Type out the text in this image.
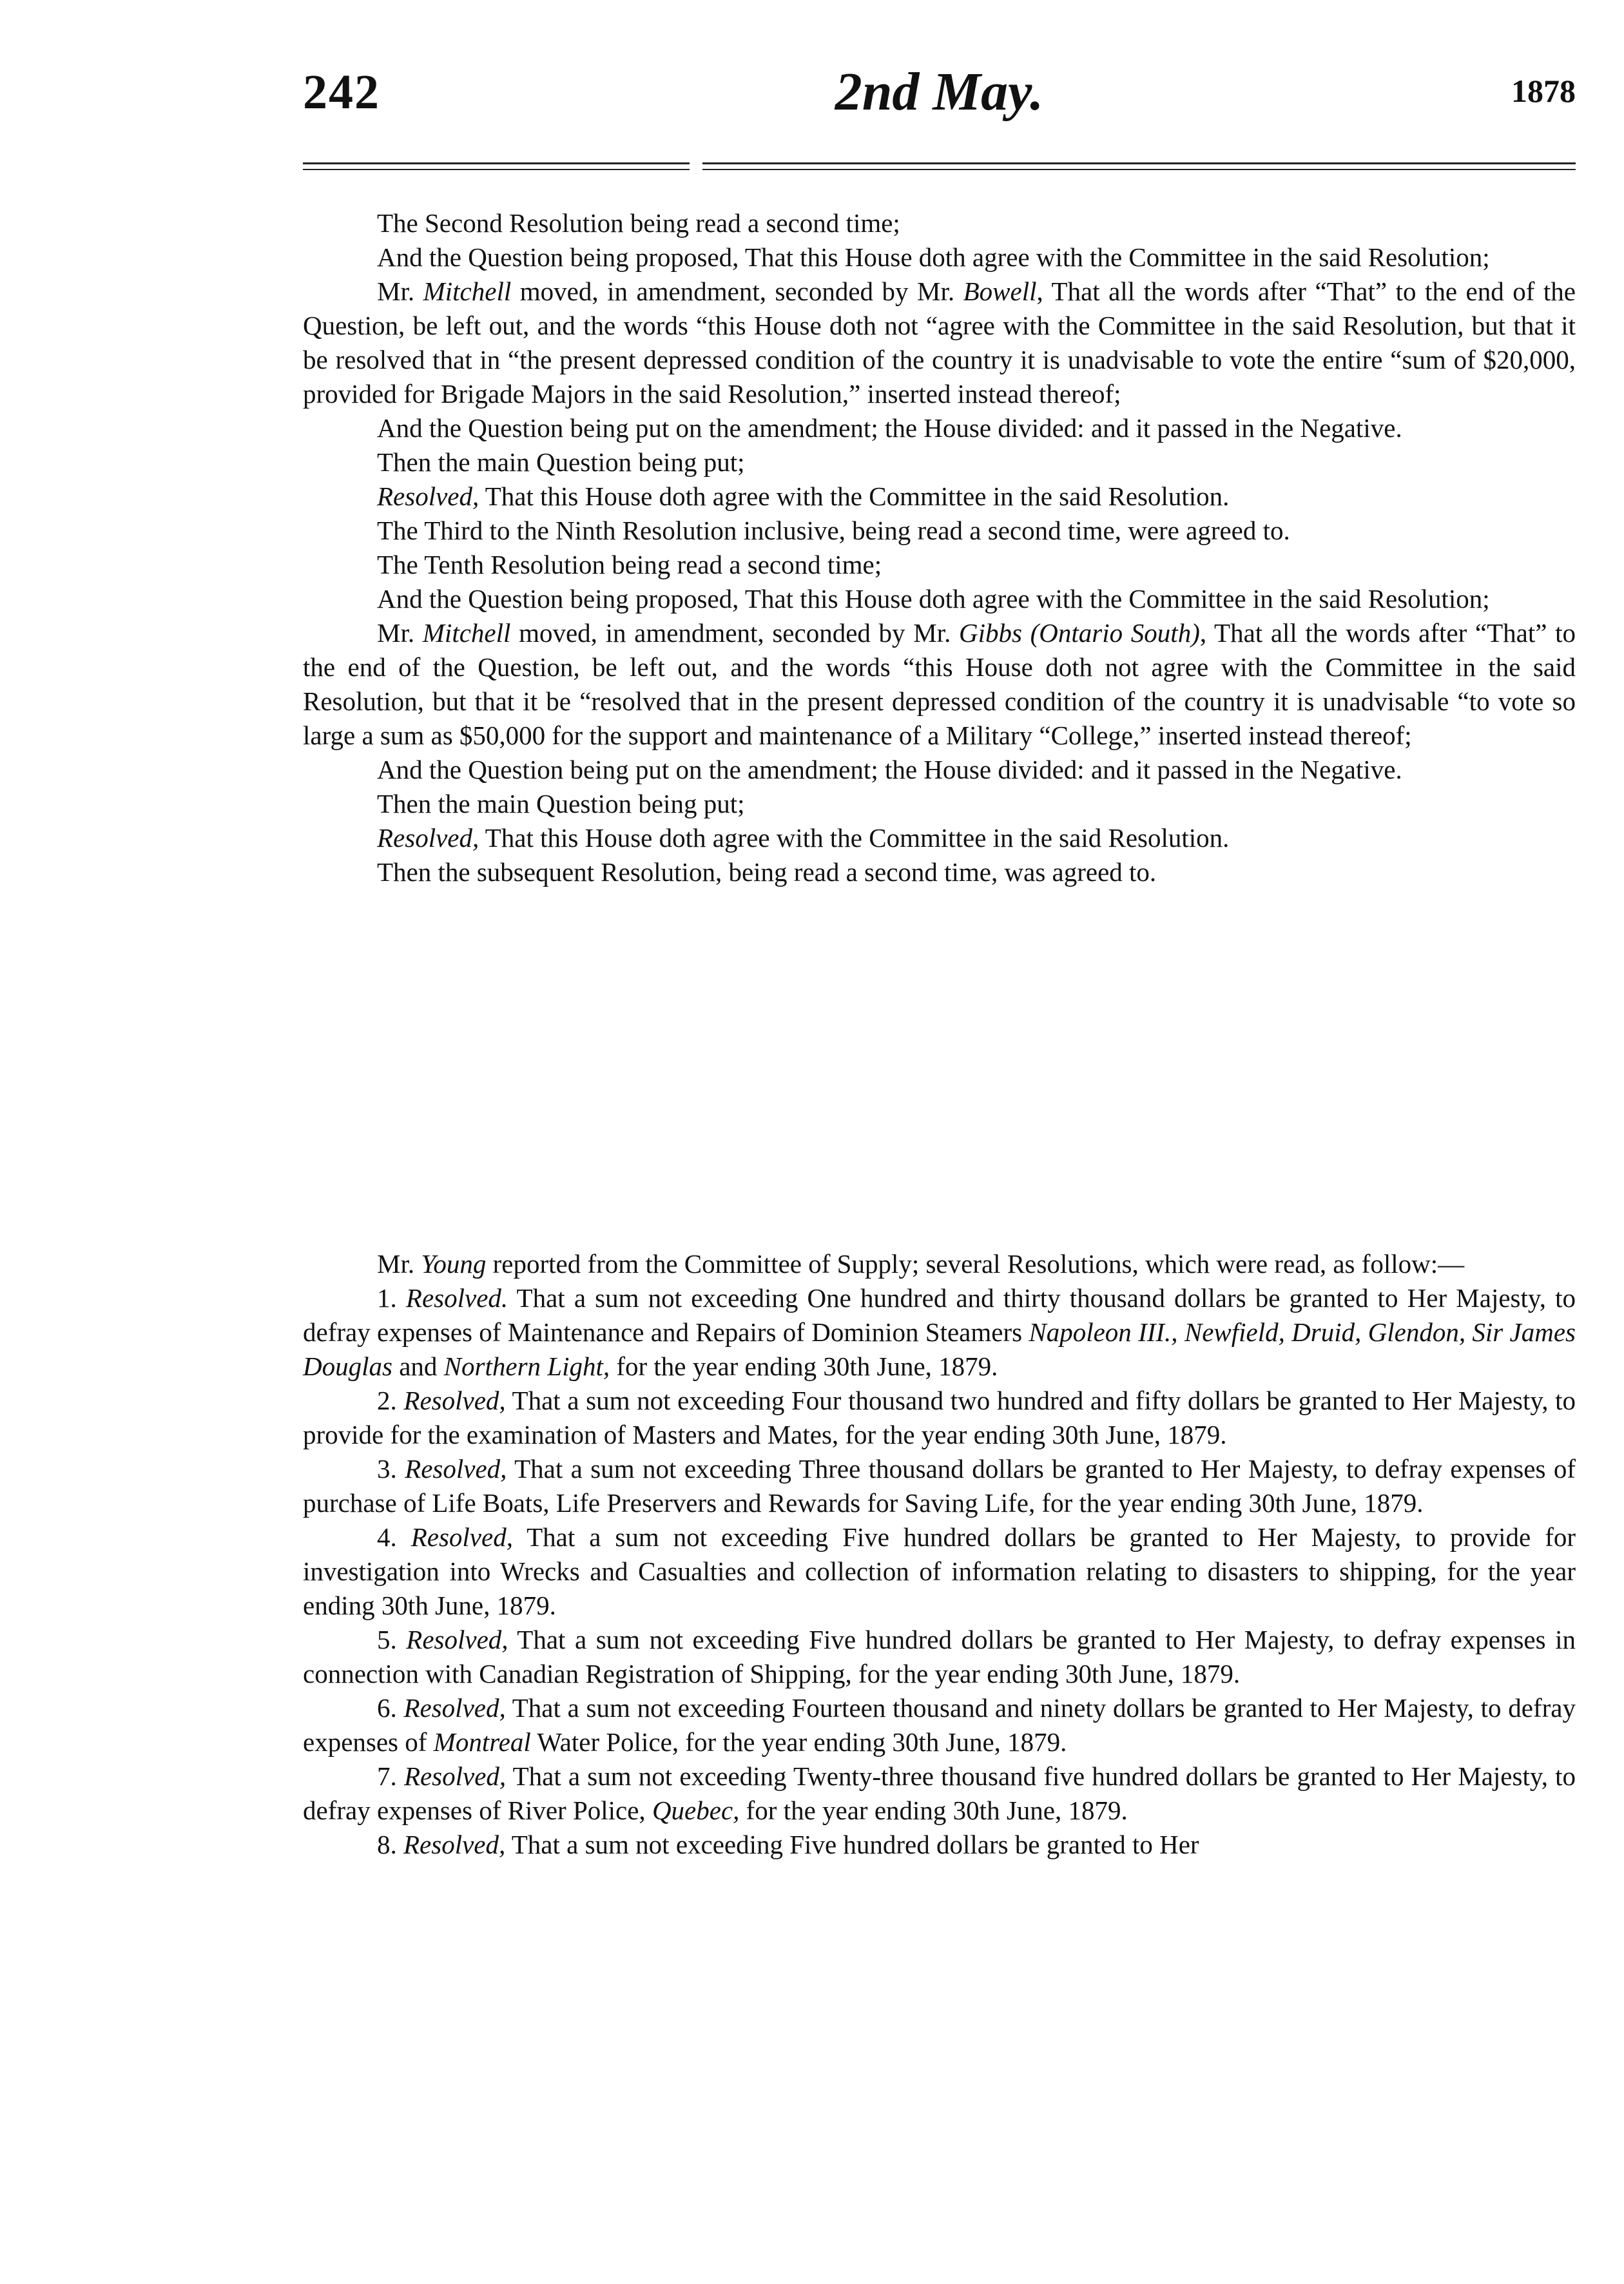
242	2nd May.	1878

The Second Resolution being read a second time;

And the Question being proposed, That this House doth agree with the Committee in the said Resolution;

Mr. Mitchell moved, in amendment, seconded by Mr. Bowell, That all the words after “That” to the end of the Question, be left out, and the words “this House doth not “agree with the Committee in the said Resolution, but that it be resolved that in “the present depressed condition of the country it is unadvisable to vote the entire “sum of $20,000, provided for Brigade Majors in the said Resolution,” inserted instead thereof;

And the Question being put on the amendment; the House divided: and it passed in the Negative.

Then the main Question being put;

Resolved, That this House doth agree with the Committee in the said Resolution.

The Third to the Ninth Resolution inclusive, being read a second time, were agreed to.

The Tenth Resolution being read a second time;

And the Question being proposed, That this House doth agree with the Committee in the said Resolution;

Mr. Mitchell moved, in amendment, seconded by Mr. Gibbs (Ontario South), That all the words after “That” to the end of the Question, be left out, and the words “this House doth not agree with the Committee in the said Resolution, but that it be “resolved that in the present depressed condition of the country it is unadvisable “to vote so large a sum as $50,000 for the support and maintenance of a Military “College,” inserted instead thereof;

And the Question being put on the amendment; the House divided: and it passed in the Negative.

Then the main Question being put;

Resolved, That this House doth agree with the Committee in the said Resolution.

Then the subsequent Resolution, being read a second time, was agreed to.

Mr. Young reported from the Committee of Supply; several Resolutions, which were read, as follow:—

1. Resolved. That a sum not exceeding One hundred and thirty thousand dollars be granted to Her Majesty, to defray expenses of Maintenance and Repairs of Dominion Steamers Napoleon III., Newfield, Druid, Glendon, Sir James Douglas and Northern Light, for the year ending 30th June, 1879.

2. Resolved, That a sum not exceeding Four thousand two hundred and fifty dollars be granted to Her Majesty, to provide for the examination of Masters and Mates, for the year ending 30th June, 1879.

3. Resolved, That a sum not exceeding Three thousand dollars be granted to Her Majesty, to defray expenses of purchase of Life Boats, Life Preservers and Rewards for Saving Life, for the year ending 30th June, 1879.

4. Resolved, That a sum not exceeding Five hundred dollars be granted to Her Majesty, to provide for investigation into Wrecks and Casualties and collection of information relating to disasters to shipping, for the year ending 30th June, 1879.

5. Resolved, That a sum not exceeding Five hundred dollars be granted to Her Majesty, to defray expenses in connection with Canadian Registration of Shipping, for the year ending 30th June, 1879.

6. Resolved, That a sum not exceeding Fourteen thousand and ninety dollars be granted to Her Majesty, to defray expenses of Montreal Water Police, for the year ending 30th June, 1879.

7. Resolved, That a sum not exceeding Twenty-three thousand five hundred dollars be granted to Her Majesty, to defray expenses of River Police, Quebec, for the year ending 30th June, 1879.

8. Resolved, That a sum not exceeding Five hundred dollars be granted to Her
